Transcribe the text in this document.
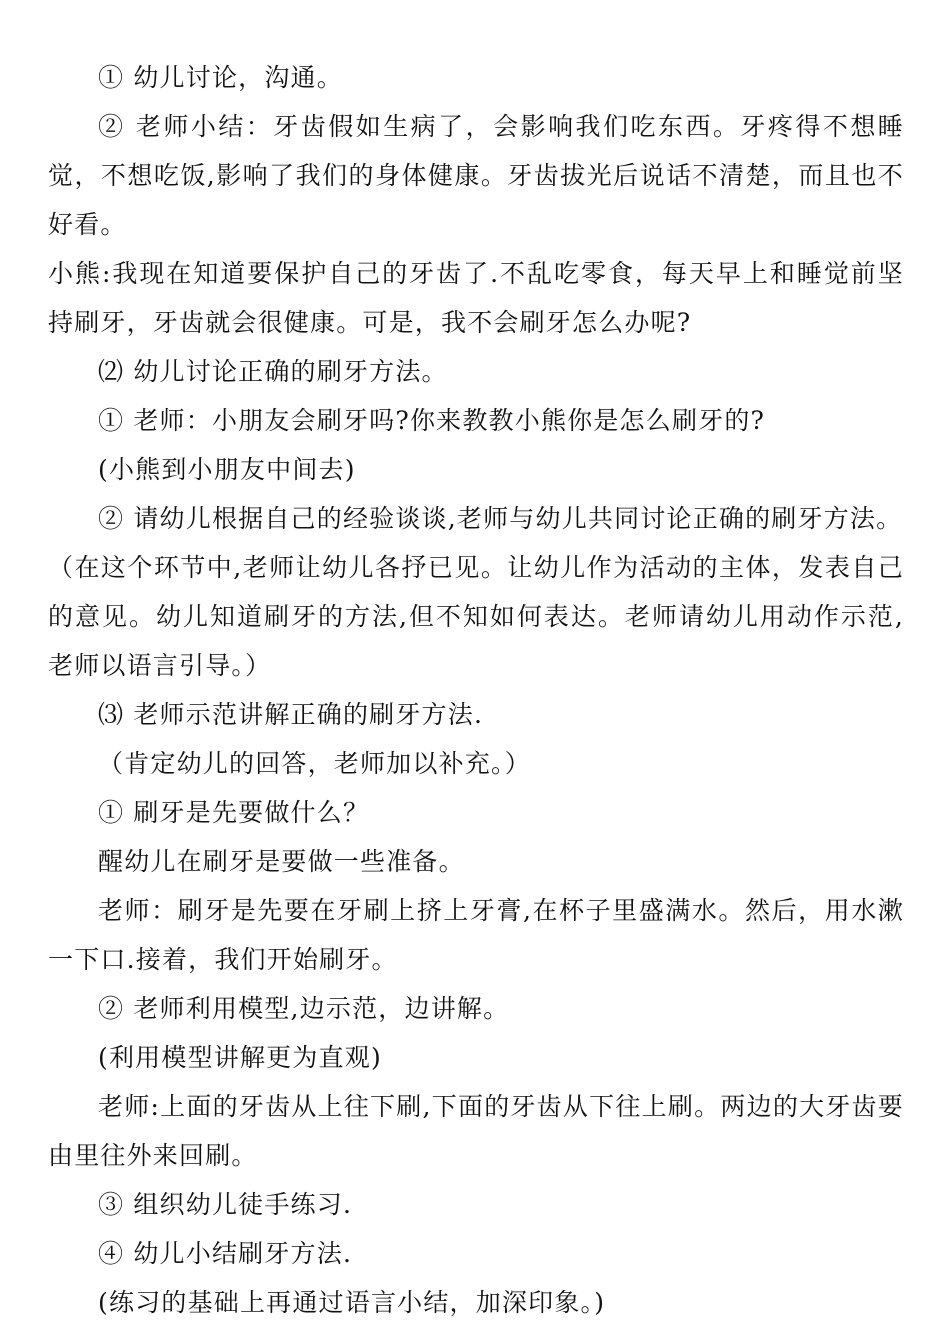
① 幼儿讨论，沟通。

② 老师小结：牙齿假如生病了，会影响我们吃东西。牙疼得不想睡觉，不想吃饭,影响了我们的身体健康。牙齿拔光后说话不清楚，而且也不好看。

小熊:我现在知道要保护自己的牙齿了.不乱吃零食，每天早上和睡觉前坚持刷牙，牙齿就会很健康。可是，我不会刷牙怎么办呢?

⑵ 幼儿讨论正确的刷牙方法。

① 老师：小朋友会刷牙吗?你来教教小熊你是怎么刷牙的?

(小熊到小朋友中间去)

② 请幼儿根据自己的经验谈谈,老师与幼儿共同讨论正确的刷牙方法。

（在这个环节中,老师让幼儿各抒已见。让幼儿作为活动的主体，发表自己的意见。幼儿知道刷牙的方法,但不知如何表达。老师请幼儿用动作示范,老师以语言引导。）

⑶ 老师示范讲解正确的刷牙方法.

（肯定幼儿的回答，老师加以补充。）

① 刷牙是先要做什么？

醒幼儿在刷牙是要做一些准备。

老师：刷牙是先要在牙刷上挤上牙膏,在杯子里盛满水。然后，用水漱一下口.接着，我们开始刷牙。

② 老师利用模型,边示范，边讲解。

(利用模型讲解更为直观)

老师:上面的牙齿从上往下刷,下面的牙齿从下往上刷。两边的大牙齿要由里往外来回刷。

③ 组织幼儿徒手练习.

④ 幼儿小结刷牙方法.

(练习的基础上再通过语言小结，加深印象。)
